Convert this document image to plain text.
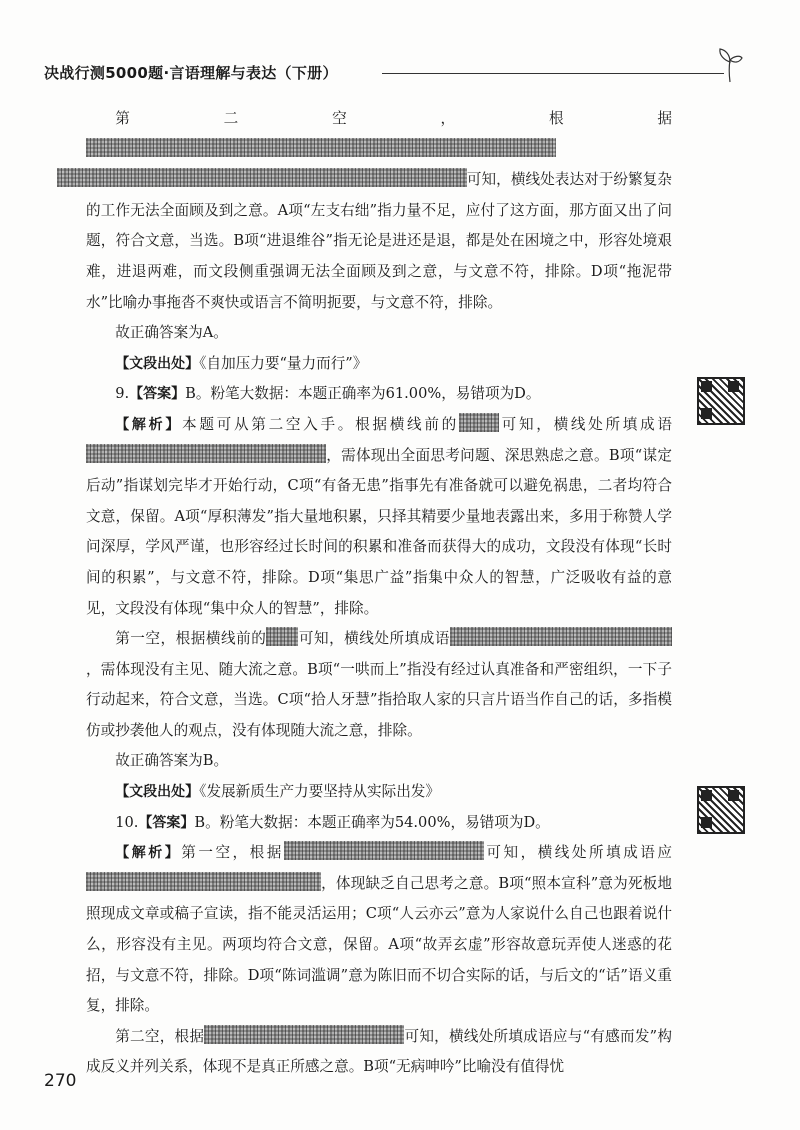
决战行测5000题·言语理解与表达（下册）

第二空，根据可知，横线处表达对于纷繁复杂的工作无法全面顾及到之意。A项“左支右绌”指力量不足，应付了这方面，那方面又出了问题，符合文意，当选。B项“进退维谷”指无论是进还是退，都是处在困境之中，形容处境艰难，进退两难，而文段侧重强调无法全面顾及到之意，与文意不符，排除。D项“拖泥带水”比喻办事拖沓不爽快或语言不简明扼要，与文意不符，排除。

故正确答案为A。

【文段出处】《自加压力要“量力而行”》

9.【答案】B。粉笔大数据：本题正确率为61.00%，易错项为D。

【解析】本题可从第二空入手。根据横线前的	可知，横线处所填成语，需体现出全面思考问题、深思熟虑之意。B项“谋定后动”指谋划完毕才开始行动，C项“有备无患”指事先有准备就可以避免祸患，二者均符合文意，保留。A项“厚积薄发”指大量地积累，只择其精要少量地表露出来，多用于称赞人学问深厚，学风严谨，也形容经过长时间的积累和准备而获得大的成功，文段没有体现“长时间的积累”，与文意不符，排除。D项“集思广益”指集中众人的智慧，广泛吸收有益的意见，文段没有体现“集中众人的智慧”，排除。

第一空，根据横线前的 可知，横线处所填成语，需体现没有主见、随大流之意。B项“一哄而上”指没有经过认真准备和严密组织，一下子行动起来，符合文意，当选。C项“拾人牙慧”指拾取人家的只言片语当作自己的话，多指模仿或抄袭他人的观点，没有体现随大流之意，排除。

故正确答案为B。

【文段出处】《发展新质生产力要坚持从实际出发》

10.【答案】B。粉笔大数据：本题正确率为54.00%，易错项为D。

【解析】第一空，根据	可知，横线处所填成语应，体现缺乏自己思考之意。B项“照本宣科”意为死板地照现成文章或稿子宣读，指不能灵活运用；C项“人云亦云”意为人家说什么自己也跟着说什么，形容没有主见。两项均符合文意，保留。A项“故弄玄虚”形容故意玩弄使人迷惑的花招，与文意不符，排除。D项“陈词滥调”意为陈旧而不切合实际的话，与后文的“话”语义重复，排除。

第二空，根据	可知，横线处所填成语应与“有感而发”构成反义并列关系，体现不是真正所感之意。B项“无病呻吟”比喻没有值得忧

270
